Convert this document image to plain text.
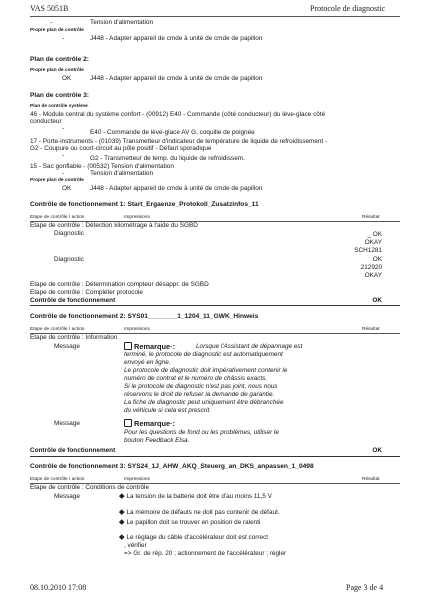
VAS 5051B	Protocole de diagnostic
-	Tension d'alimentation
Propre plan de contrôle
-	J448 - Adapter appareil de cmde à unité de cmde de papillon
Plan de contrôle 2:
Propre plan de contrôle
OK	J448 - Adapter appareil de cmde à unité de cmde de papillon
Plan de contrôle 3:
Plan de contrôle système
46 - Module central du système confort - (00912) E40 - Commande (côté conducteur) du lève-glace côté
conducteur
-
E40 - Commande de lève-glace AV G, coquille de poignée
17 - Porte-instruments - (01039) Transmetteur d'indicateur de température de liquide de refroidissement -
G2 - Coupure ou court-circuit au pôle positif - Défaut sporadique
-	G2 - Transmetteur de temp. du liquide de refroidissem.
15 - Sac gonflable - (00532) Tension d'alimentation
-	Tension d'alimentation
Propre plan de contrôle
OK	J448 - Adapter appareil de cmde à unité de cmde de papillon
Contrôle de fonctionnement 1: Start_Ergaenze_Protokoll_Zusatzinfos_11
Etape de contrôle / action	Impressions	Résultat
Etape de contrôle : Détection kilométrage à l'aide du SGBD
Diagnostic	_ OK
OKAY
SCH1281
Diagnostic	OK
212920
OKAY
Etape de contrôle : Détermination compteur désappr. de SGBD
Etape de contrôle : Compléter protocole
Contrôle de fonctionnement	OK
Contrôle de fonctionnement 2: SYS01________1_1204_11_GWK_Hinweis
Etape de contrôle / action	Impressions	Résultat
Etape de contrôle : Information
Message	Remarque·:	Lorsque l'Assistant de dépannage est
terminé, le protocole de diagnostic est automatiquement
envoyé en ligne.
Le protocole de diagnostic doit impérativement contenir le
numéro de contrat et le numéro de châssis exacts.
Si le protocole de diagnostic n'est pas joint, nous nous
réservons le droit de refuser la demande de garantie.
La fiche de diagnostic peut uniquement être débranchée
du véhicule si cela est prescrit.
Message	Remarque·:
Pour les questions de fond ou les problèmes, utiliser le
bouton Feedback Elsa.
Contrôle de fonctionnement	OK
Contrôle de fonctionnement 3: SYS24_1J_AHW_AKQ_Steuerg_an_DKS_anpassen_1_0498
Etape de contrôle / action	Impressions	Résultat
Etape de contrôle : Conditions de contrôle
Message	La tension de la batterie doit être d'au moins 11,5 V
La mémoire de défauts ne doit pas contenir de défaut.
Le papillon doit se trouver en position de ralenti
Le réglage du câble d'accélérateur doit est correct
, vérifier
=> Gr. de rép. 20 ; actionnement de l'accélérateur ; régler
08.10.2010 17:08	Page 3 de 4
